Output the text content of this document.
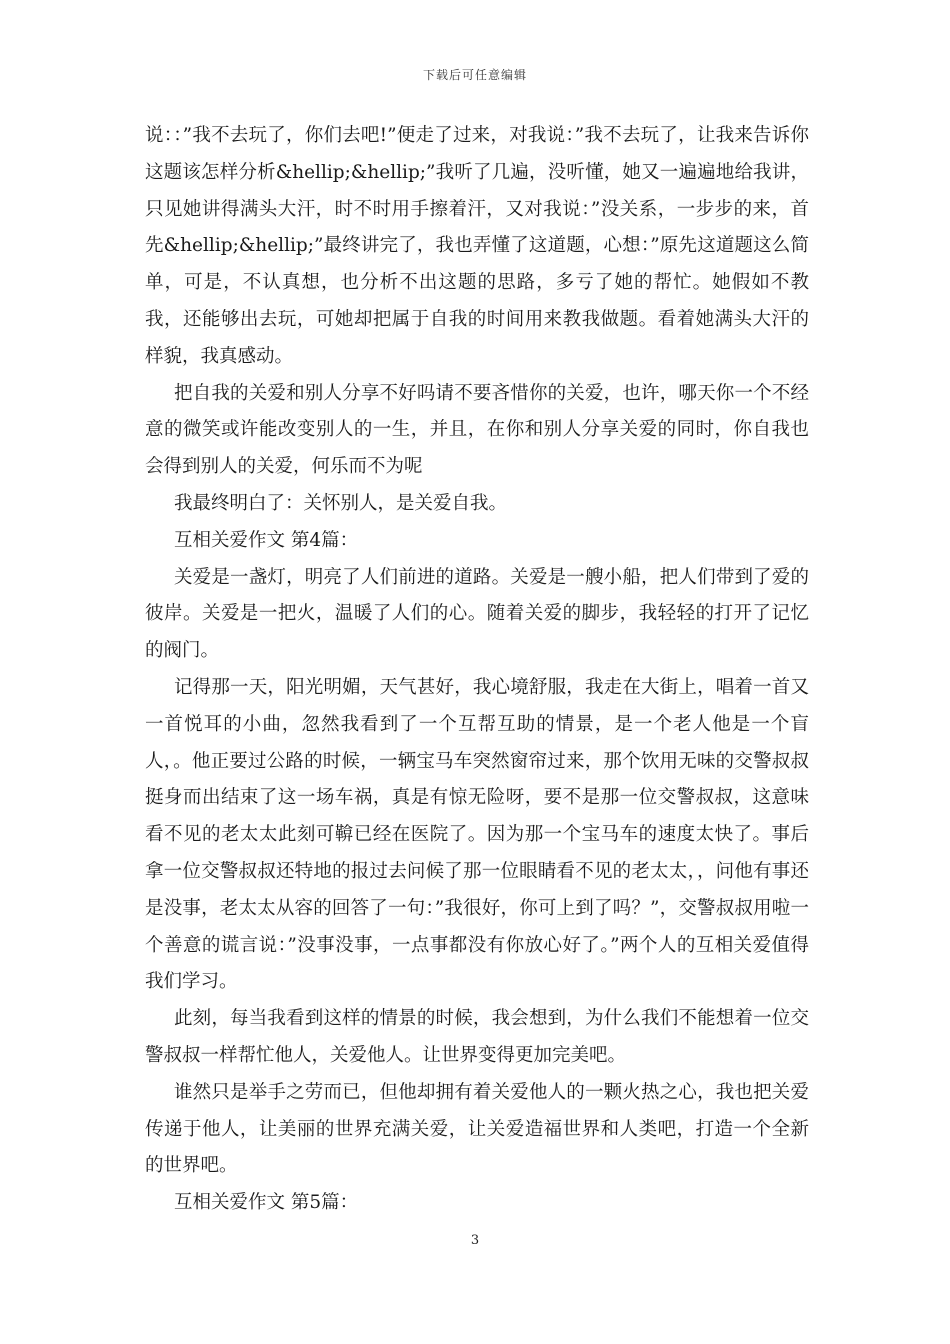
下载后可任意编辑

说：：”我不去玩了，你们去吧!”便走了过来，对我说：”我不去玩了，让我来告诉你这题该怎样分析&hellip;&hellip;”我听了几遍，没听懂，她又一遍遍地给我讲，只见她讲得满头大汗，时不时用手擦着汗，又对我说：”没关系，一步步的来，首先&hellip;&hellip;”最终讲完了，我也弄懂了这道题，心想：”原先这道题这么简单，可是，不认真想，也分析不出这题的思路，多亏了她的帮忙。她假如不教我，还能够出去玩，可她却把属于自我的时间用来教我做题。看着她满头大汗的样貌，我真感动。

把自我的关爱和别人分享不好吗请不要吝惜你的关爱，也许，哪天你一个不经意的微笑或许能改变别人的一生，并且，在你和别人分享关爱的同时，你自我也会得到别人的关爱，何乐而不为呢

我最终明白了：关怀别人，是关爱自我。

互相关爱作文 第4篇：

关爱是一盏灯，明亮了人们前进的道路。关爱是一艘小船，把人们带到了爱的彼岸。关爱是一把火，温暖了人们的心。随着关爱的脚步，我轻轻的打开了记忆的阀门。

记得那一天，阳光明媚，天气甚好，我心境舒服，我走在大街上，唱着一首又一首悦耳的小曲，忽然我看到了一个互帮互助的情景，是一个老人他是一个盲人，。他正要过公路的时候，一辆宝马车突然窗帘过来，那个饮用无味的交警叔叔挺身而出结束了这一场车祸，真是有惊无险呀，要不是那一位交警叔叔，这意味看不见的老太太此刻可鞥已经在医院了。因为那一个宝马车的速度太快了。事后拿一位交警叔叔还特地的报过去问候了那一位眼睛看不见的老太太，，问他有事还是没事，老太太从容的回答了一句：”我很好，你可上到了吗？”，交警叔叔用啦一个善意的谎言说：”没事没事，一点事都没有你放心好了。”两个人的互相关爱值得我们学习。

此刻，每当我看到这样的情景的时候，我会想到，为什么我们不能想着一位交警叔叔一样帮忙他人，关爱他人。让世界变得更加完美吧。

谁然只是举手之劳而已，但他却拥有着关爱他人的一颗火热之心，我也把关爱传递于他人，让美丽的世界充满关爱，让关爱造福世界和人类吧，打造一个全新的世界吧。

互相关爱作文 第5篇：

3
